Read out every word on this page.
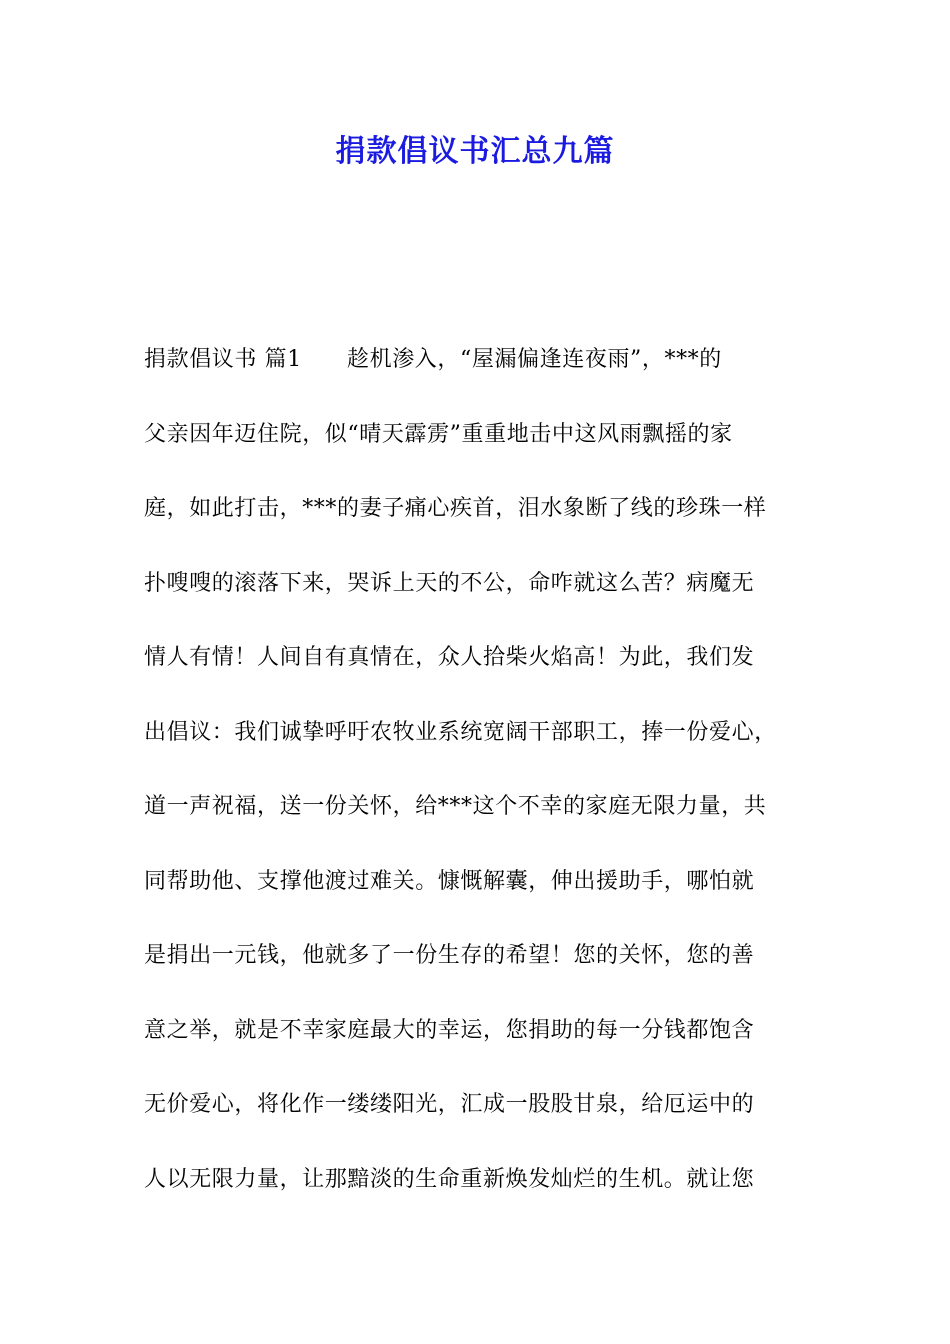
捐款倡议书汇总九篇
捐款倡议书 篇1　　趁机渗入，“屋漏偏逢连夜雨”，***的
父亲因年迈住院，似“晴天霹雳”重重地击中这风雨飘摇的家
庭，如此打击，***的妻子痛心疾首，泪水象断了线的珍珠一样
扑嗖嗖的滚落下来，哭诉上天的不公，命咋就这么苦？病魔无
情人有情！人间自有真情在，众人拾柴火焰高！为此，我们发
出倡议：我们诚挚呼吁农牧业系统宽阔干部职工，捧一份爱心，
道一声祝福，送一份关怀，给***这个不幸的家庭无限力量，共
同帮助他、支撑他渡过难关。慷慨解囊，伸出援助手，哪怕就
是捐出一元钱，他就多了一份生存的希望！您的关怀，您的善
意之举，就是不幸家庭最大的幸运，您捐助的每一分钱都饱含
无价爱心，将化作一缕缕阳光，汇成一股股甘泉，给厄运中的
人以无限力量，让那黯淡的生命重新焕发灿烂的生机。就让您
